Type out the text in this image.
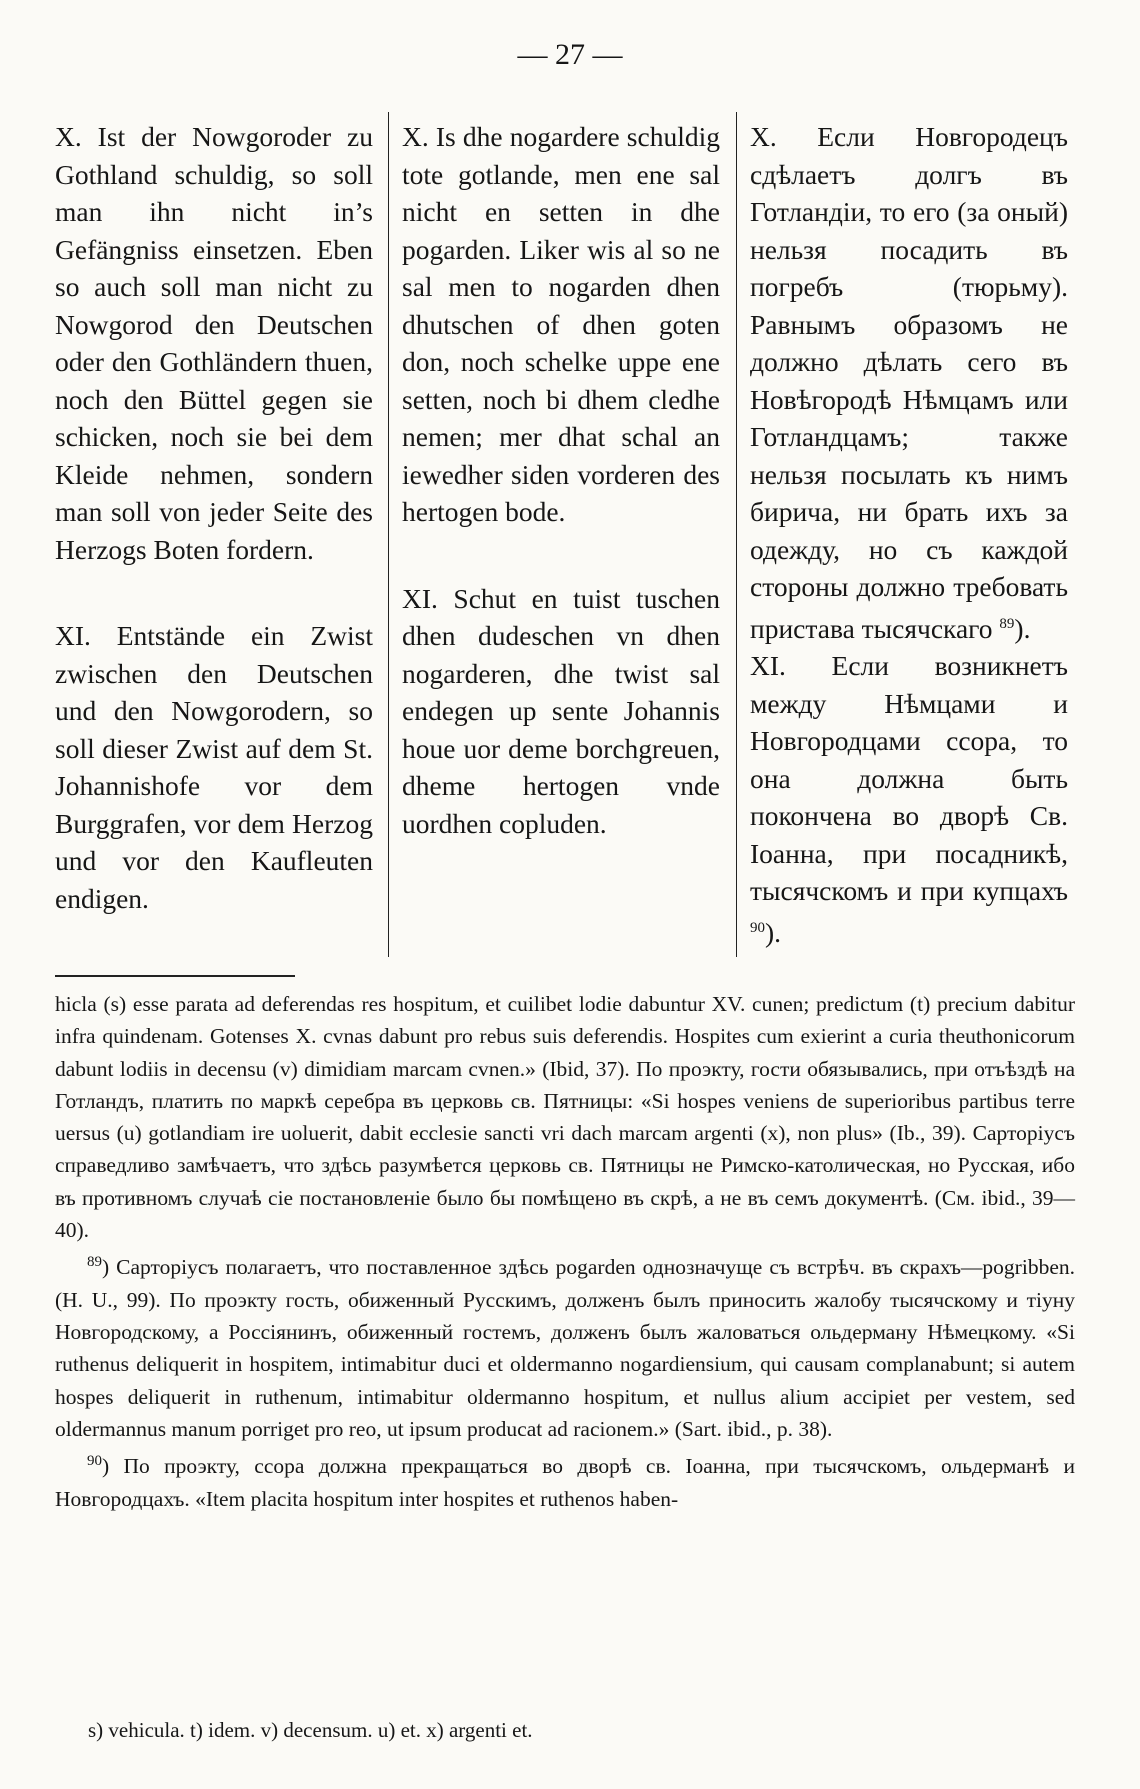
— 27 —

X. Ist der Nowgoroder zu Gothland schuldig, so soll man ihn nicht in’s Gefängniss einsetzen. Eben so auch soll man nicht zu Nowgorod den Deutschen oder den Gothländern thuen, noch den Büttel gegen sie schicken, noch sie bei dem Kleide nehmen, sondern man soll von jeder Seite des Herzogs Boten fordern.

XI. Entstände ein Zwist zwischen den Deutschen und den Nowgorodern, so soll dieser Zwist auf dem St. Johannishofe vor dem Burggrafen, vor dem Herzog und vor den Kaufleuten endigen.

X. Is dhe nogardere schuldig tote gotlande, men ene sal nicht en setten in dhe pogarden. Liker wis al so ne sal men to nogarden dhen dhutschen of dhen goten don, noch schelke uppe ene setten, noch bi dhem cledhe nemen; mer dhat schal an iewedher siden vorderen des hertogen bode.

XI. Schut en tuist tuschen dhen dudeschen vn dhen nogarderen, dhe twist sal endegen up sente Johannis houe uor deme borchgreuen, dheme hertogen vnde uordhen copluden.

X. Если Новгородецъ сдѣлаетъ долгъ въ Готландіи, то его (за оный) нельзя посадить въ погребъ (тюрьму). Равнымъ образомъ не должно дѣлать сего въ Новѣгородѣ Нѣмцамъ или Готландцамъ; также нельзя посылать къ нимъ бирича, ни брать ихъ за одежду, но съ каждой стороны должно требовать пристава тысячскаго $^{89}$).

XI. Если возникнетъ между Нѣмцами и Новгородцами ссора, то она должна быть покончена во дворѣ Св. Іоанна, при посадникѣ, тысячскомъ и при купцахъ $^{90}$).

hicla (s) esse parata ad deferendas res hospitum, et cuilibet lodie dabuntur XV. cunen; predictum (t) precium dabitur infra quindenam. Gotenses X. cvnas dabunt pro rebus suis deferendis. Hospites cum exierint a curia theuthonicorum dabunt lodiis in decensu (v) dimidiam marcam cvnen.» (Ibid, 37). По проэкту, гости обязывались, при отъѣздѣ на Готландъ, платить по маркѣ серебра въ церковь св. Пятницы: «Si hospes veniens de superioribus partibus terre uersus (u) gotlandiam ire uoluerit, dabit ecclesie sancti vri dach marcam argenti (x), non plus» (Ib., 39). Сарторіусъ справедливо замѣчаетъ, что здѣсь разумѣется церковь св. Пятницы не Римско-католическая, но Русская, ибо въ противномъ случаѣ сіе постановленіе было бы помѣщено въ скрѣ, а не въ семъ документѣ. (См. ibid., 39—40).

$^{89}$) Сарторіусъ полагаетъ, что поставленное здѣсь pogarden однозначуще съ встрѣч. въ скрахъ—pogribben. (H. U., 99). По проэкту гость, обиженный Русскимъ, долженъ былъ приносить жалобу тысячскому и тіуну Новгородскому, а Россіянинъ, обиженный гостемъ, долженъ былъ жаловаться ольдерману Нѣмецкому. «Si ruthenus deliquerit in hospitem, intimabitur duci et oldermanno nogardiensium, qui causam complanabunt; si autem hospes deliquerit in ruthenum, intimabitur oldermanno hospitum, et nullus alium accipiet per vestem, sed oldermannus manum porriget pro reo, ut ipsum producat ad racionem.» (Sart. ibid., p. 38).

$^{90}$) По проэкту, ссора должна прекращаться во дворѣ св. Іоанна, при тысячскомъ, ольдерманѣ и Новгородцахъ. «Item placita hospitum inter hospites et ruthenos haben-

s) vehicula. t) idem. v) decensum. u) et. x) argenti et.
